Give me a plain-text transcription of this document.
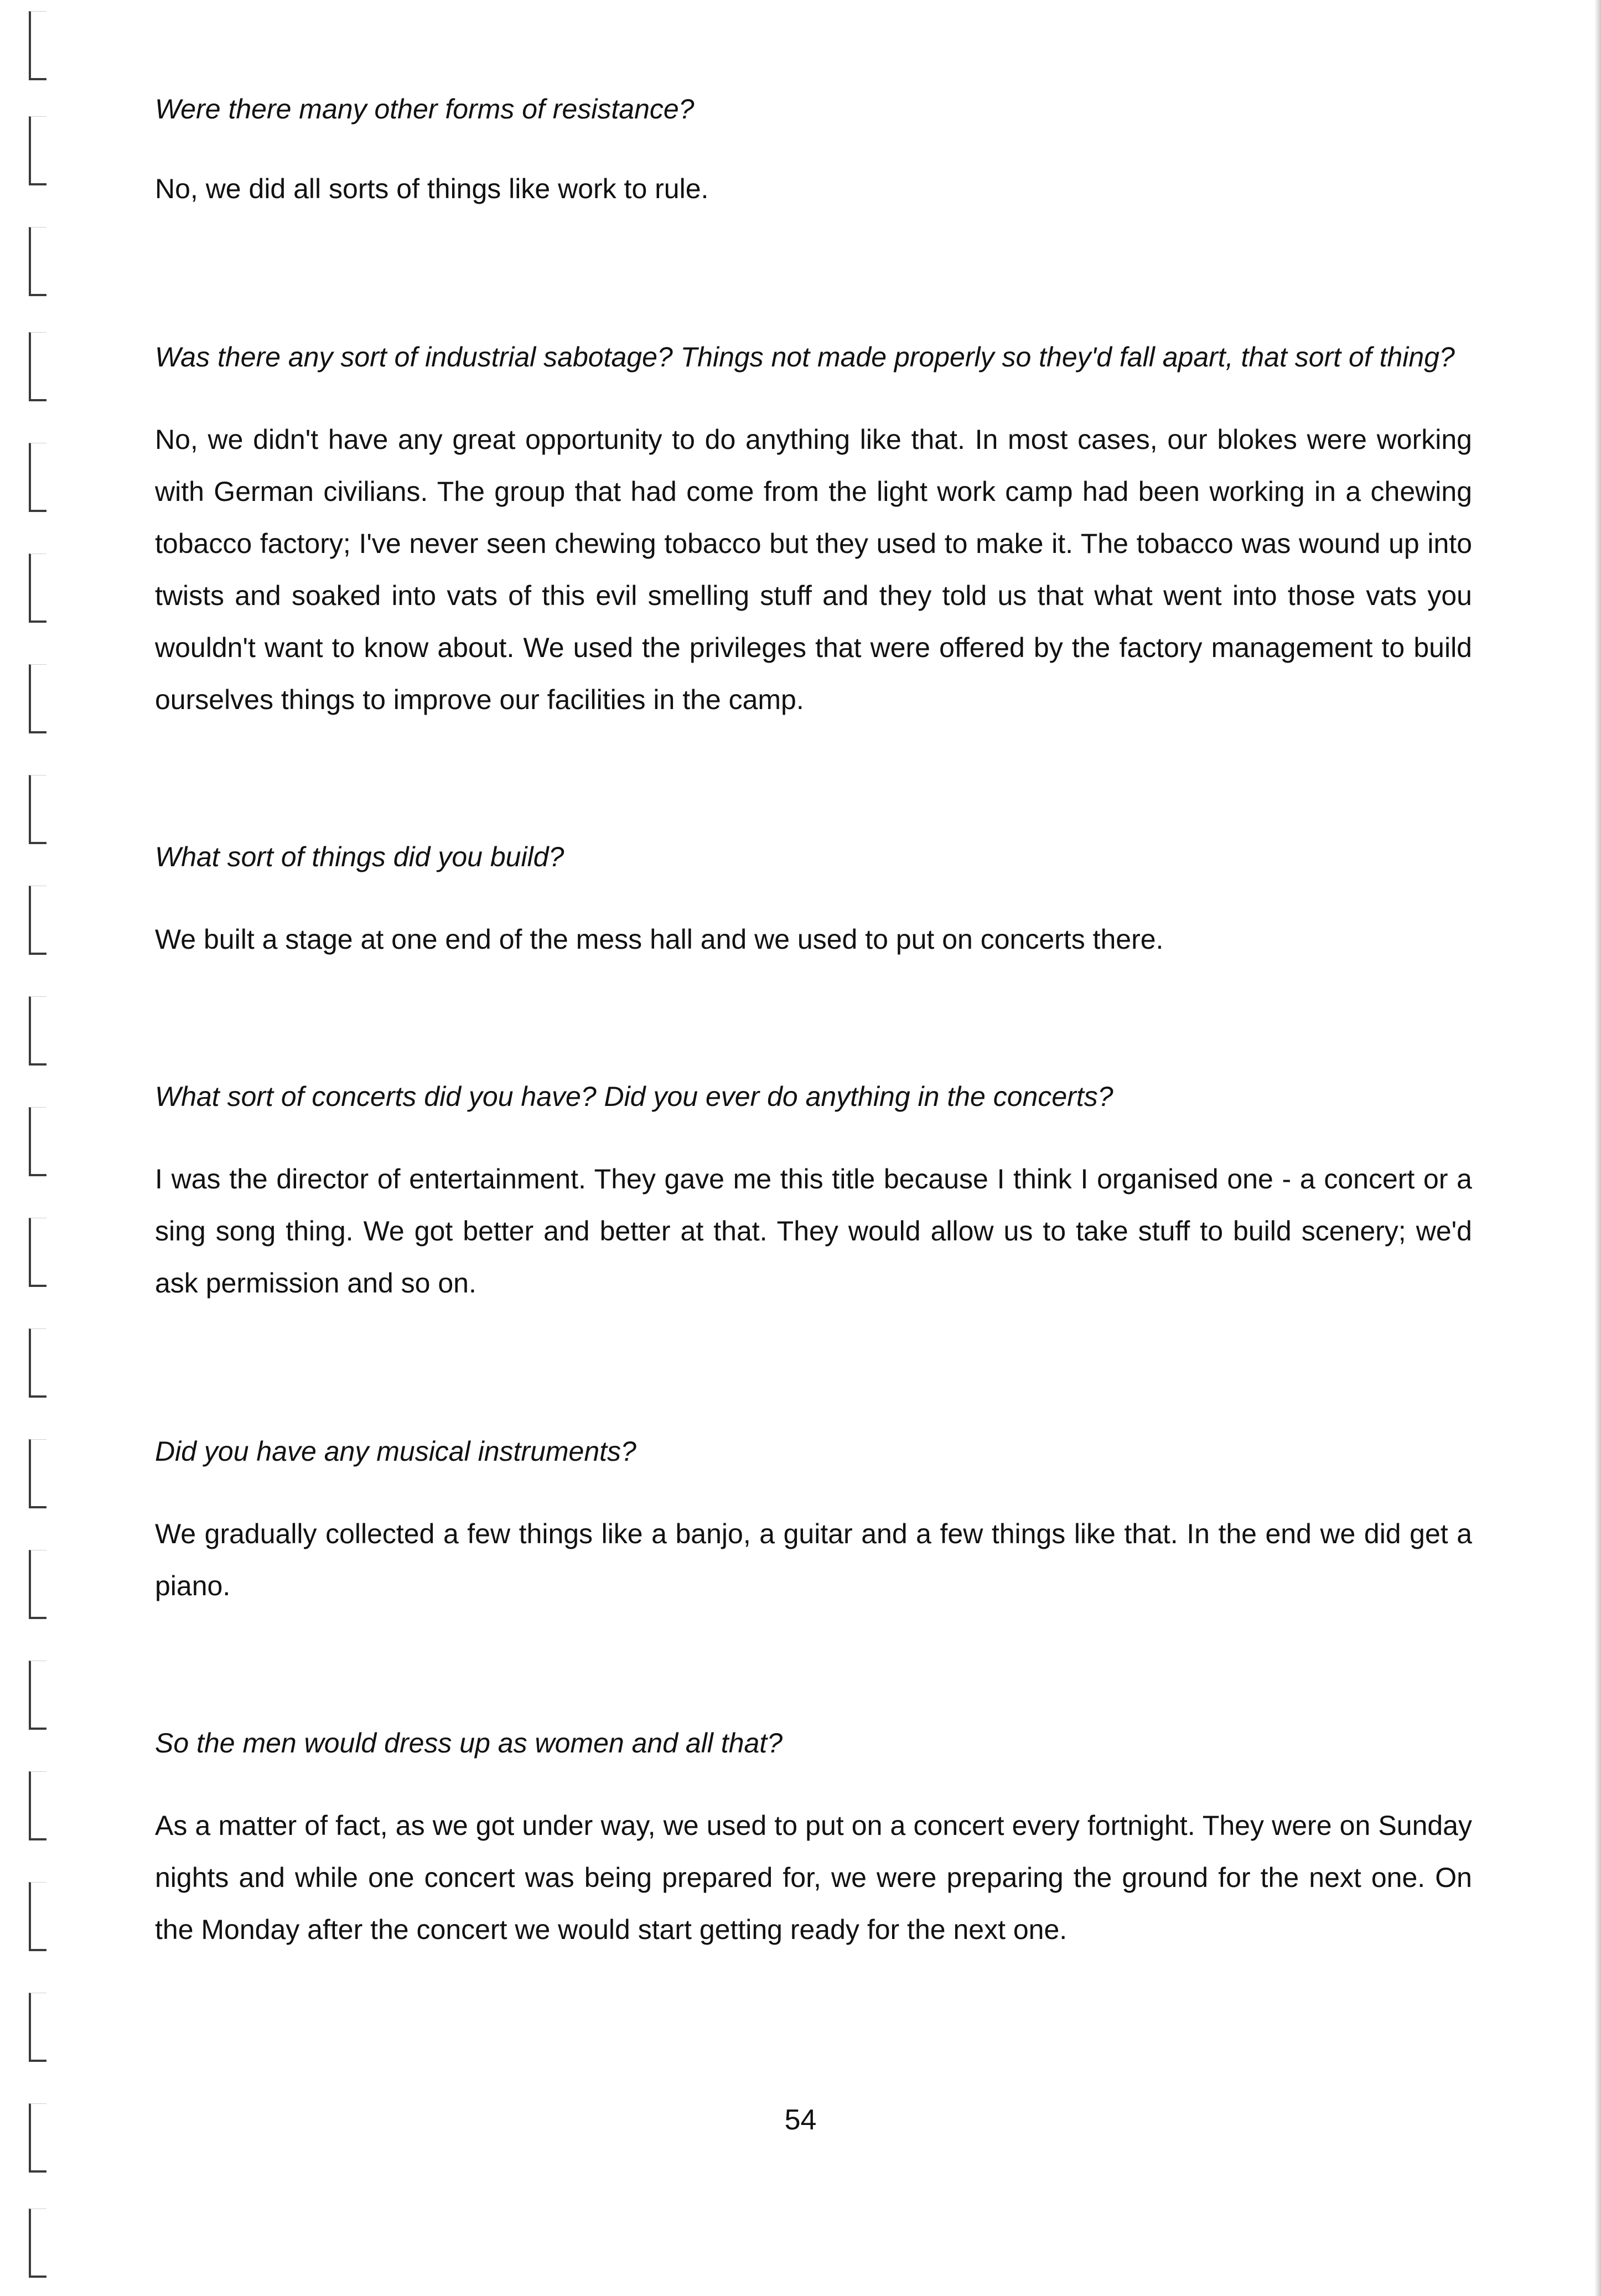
Were there many other forms of resistance?

No, we did all sorts of things like work to rule.

Was there any sort of industrial sabotage? Things not made properly so they'd fall apart, that sort of thing?

No, we didn't have any great opportunity to do anything like that. In most cases, our blokes were working with German civilians. The group that had come from the light work camp had been working in a chewing tobacco factory; I've never seen chewing tobacco but they used to make it. The tobacco was wound up into twists and soaked into vats of this evil smelling stuff and they told us that what went into those vats you wouldn't want to know about. We used the privileges that were offered by the factory management to build ourselves things to improve our facilities in the camp.

What sort of things did you build?

We built a stage at one end of the mess hall and we used to put on concerts there.

What sort of concerts did you have? Did you ever do anything in the concerts?

I was the director of entertainment. They gave me this title because I think I organised one - a concert or a sing song thing. We got better and better at that. They would allow us to take stuff to build scenery; we'd ask permission and so on.

Did you have any musical instruments?

We gradually collected a few things like a banjo, a guitar and a few things like that. In the end we did get a piano.

So the men would dress up as women and all that?

As a matter of fact, as we got under way, we used to put on a concert every fortnight. They were on Sunday nights and while one concert was being prepared for, we were preparing the ground for the next one. On the Monday after the concert we would start getting ready for the next one.

54
